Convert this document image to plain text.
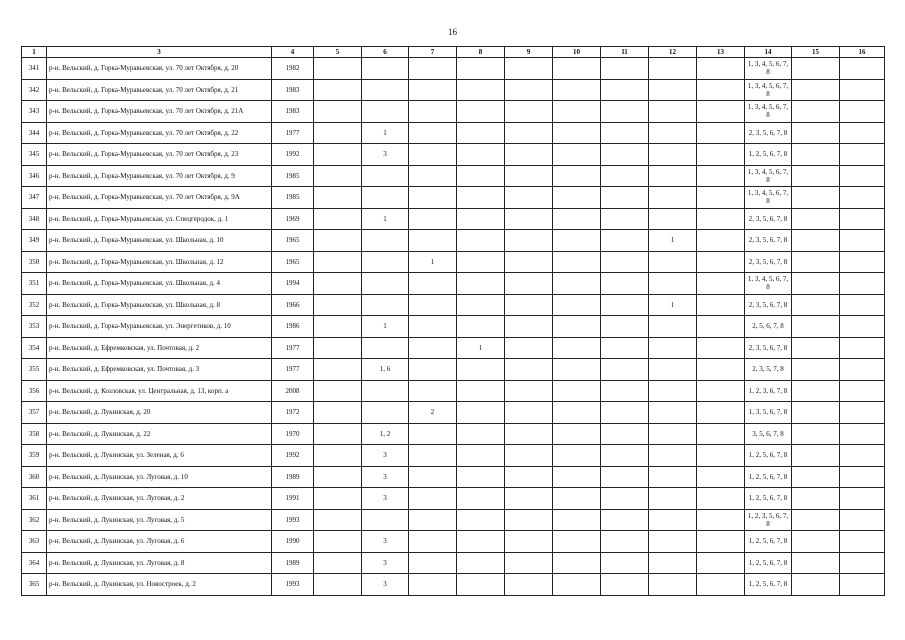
16
1	3	4	5	6	7	8	9	10	11	12	13	14	15	16
341	р-н. Вельский, д. Горка-Муравьевская, ул. 70 лет Октября, д. 20	1982										1, 3, 4, 5, 6, 7, 8		
342	р-н. Вельский, д. Горка-Муравьевская, ул. 70 лет Октября, д. 21	1983										1, 3, 4, 5, 6, 7, 8		
343	р-н. Вельский, д. Горка-Муравьевская, ул. 70 лет Октября, д. 21А	1983										1, 3, 4, 5, 6, 7, 8		
344	р-н. Вельский, д. Горка-Муравьевская, ул. 70 лет Октября, д. 22	1977		1								2, 3, 5, 6, 7, 8		
345	р-н. Вельский, д. Горка-Муравьевская, ул. 70 лет Октября, д. 23	1992		3								1, 2, 5, 6, 7, 8		
346	р-н. Вельский, д. Горка-Муравьевская, ул. 70 лет Октября, д. 9	1985										1, 3, 4, 5, 6, 7, 8		
347	р-н. Вельский, д. Горка-Муравьевская, ул. 70 лет Октября, д. 9А	1985										1, 3, 4, 5, 6, 7, 8		
348	р-н. Вельский, д. Горка-Муравьевская, ул. Спецгеродок, д. 1	1969		1								2, 3, 5, 6, 7, 8		
349	р-н. Вельский, д. Горка-Муравьевская, ул. Школьная, д. 10	1965								1		2, 3, 5, 6, 7, 8		
350	р-н. Вельский, д. Горка-Муравьевская, ул. Школьная, д. 12	1965			1							2, 3, 5, 6, 7, 8		
351	р-н. Вельский, д. Горка-Муравьевская, ул. Школьная, д. 4	1994										1, 3, 4, 5, 6, 7, 8		
352	р-н. Вельский, д. Горка-Муравьевская, ул. Школьная, д. 8	1966								1		2, 3, 5, 6, 7, 8		
353	р-н. Вельский, д. Горка-Муравьевская, ул. Энергетиков, д. 10	1986		1								2, 5, 6, 7, 8		
354	р-н. Вельский, д. Ефремковская, ул. Почтовая, д. 2	1977				1						2, 3, 5, 6, 7, 8		
355	р-н. Вельский, д. Ефремковская, ул. Почтовая, д. 3	1977		1, 6								2, 3, 5, 7, 8		
356	р-н. Вельский, д. Козловская, ул. Центральная, д. 13, корп. а	2008										1, 2, 3, 6, 7, 8		
357	р-н. Вельский, д. Лукинская, д. 20	1972			2							1, 3, 5, 6, 7, 8		
358	р-н. Вельский, д. Лукинская, д. 22	1970		1, 2								3, 5, 6, 7, 8		
359	р-н. Вельский, д. Лукинская, ул. Зеленая, д. 6	1992		3								1, 2, 5, 6, 7, 8		
360	р-н. Вельский, д. Лукинская, ул. Луговая, д. 10	1989		3								1, 2, 5, 6, 7, 8		
361	р-н. Вельский, д. Лукинская, ул. Луговая, д. 2	1991		3								1, 2, 5, 6, 7, 8		
362	р-н. Вельский, д. Лукинская, ул. Луговая, д. 5	1993										1, 2, 3, 5, 6, 7, 8		
363	р-н. Вельский, д. Лукинская, ул. Луговая, д. 6	1990		3								1, 2, 5, 6, 7, 8		
364	р-н. Вельский, д. Лукинская, ул. Луговая, д. 8	1989		3								1, 2, 5, 6, 7, 8		
365	р-н. Вельский, д. Лукинская, ул. Новостроек, д. 2	1993		3								1, 2, 5, 6, 7, 8		
